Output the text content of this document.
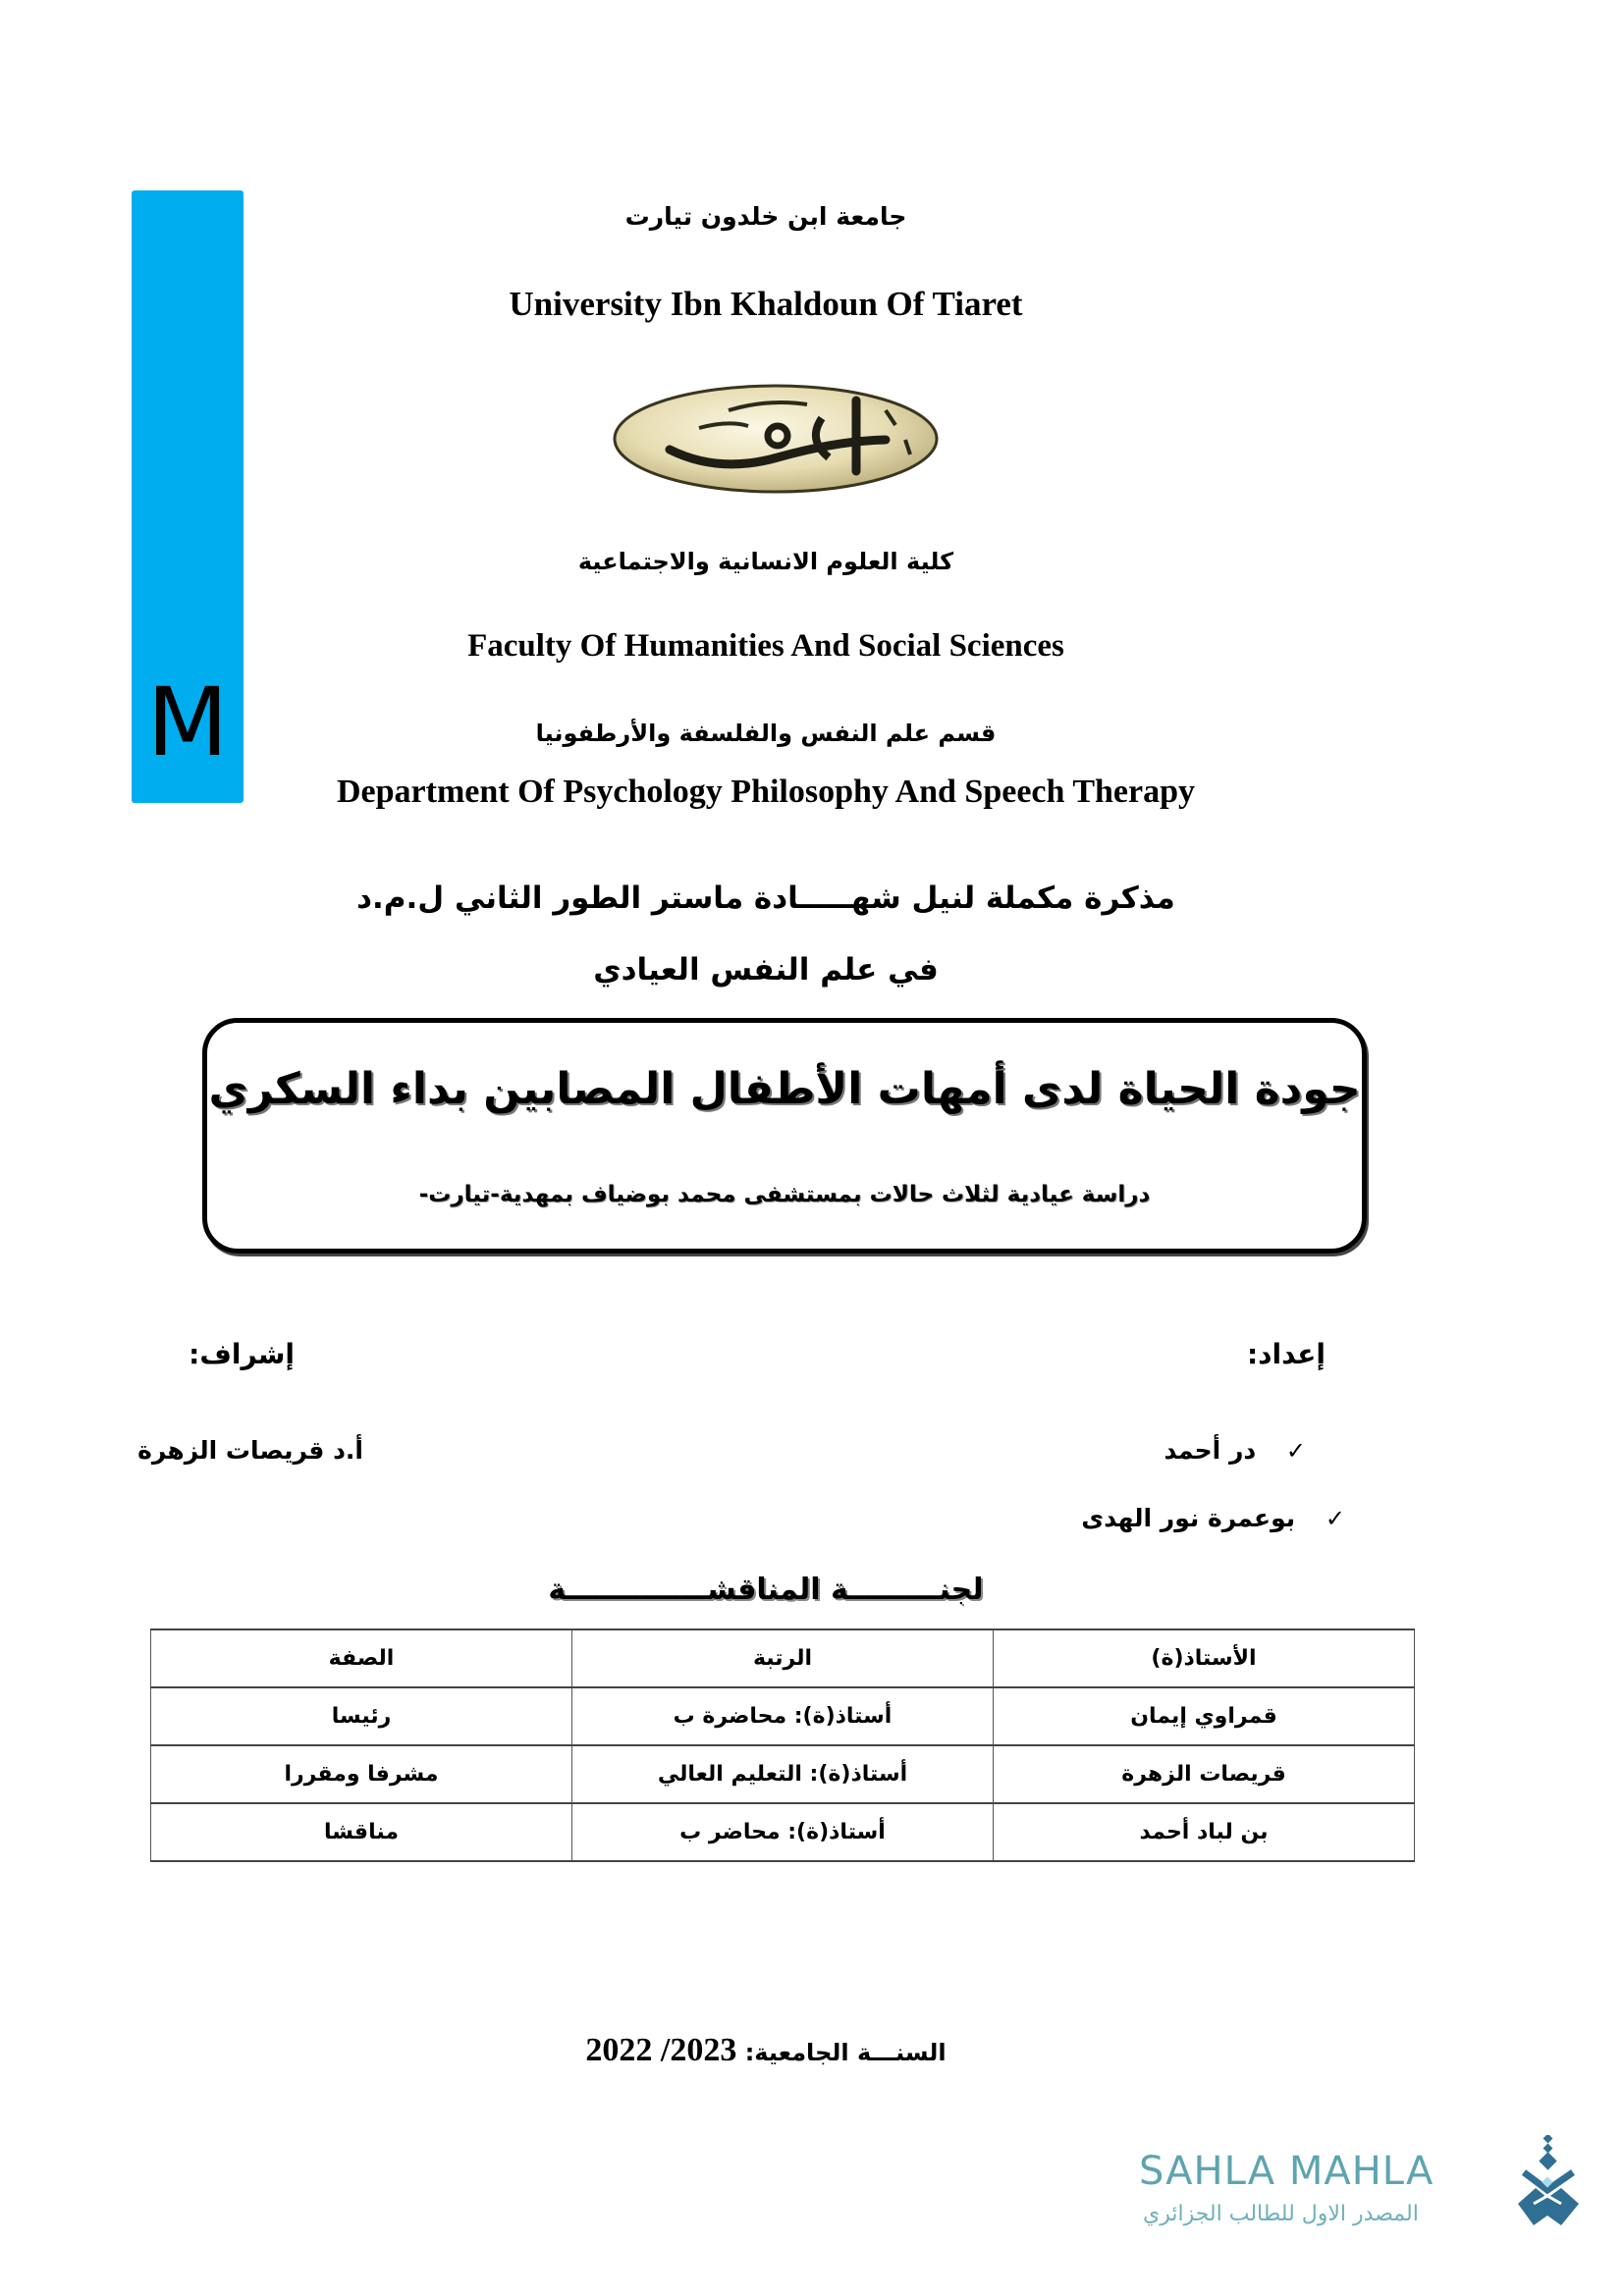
M
جامعة ابن خلدون تيارت
University Ibn Khaldoun Of Tiaret
كلية العلوم الانسانية والاجتماعية
Faculty Of Humanities And Social Sciences
قسم علم النفس والفلسفة والأرطفونيا
Department Of Psychology Philosophy And Speech Therapy
مذكرة مكملة لنيل شهـــــادة ماستر الطور الثاني ل.م.د
في علم النفس العيادي
جودة الحياة لدى أمهات الأطفال المصابين بداء السكري
دراسة عيادية لثلاث حالات بمستشفى محمد بوضياف بمهدية-تيارت-
إعداد:
إشراف:
✓ در أحمد
✓ بوعمرة نور الهدى
أ.د قريصات الزهرة
لجنـــــــــة المناقشــــــــــــــة
الأستاذ(ة)	الرتبة	الصفة
قمراوي إيمان	أستاذ(ة): محاضرة ب	رئيسا
قريصات الزهرة	أستاذ(ة): التعليم العالي	مشرفا ومقررا
بن لباد أحمد	أستاذ(ة): محاضر ب	مناقشا
السنـــة الجامعية: 2022 /2023
SAHLA MAHLA
المصدر الاول للطالب الجزائري
